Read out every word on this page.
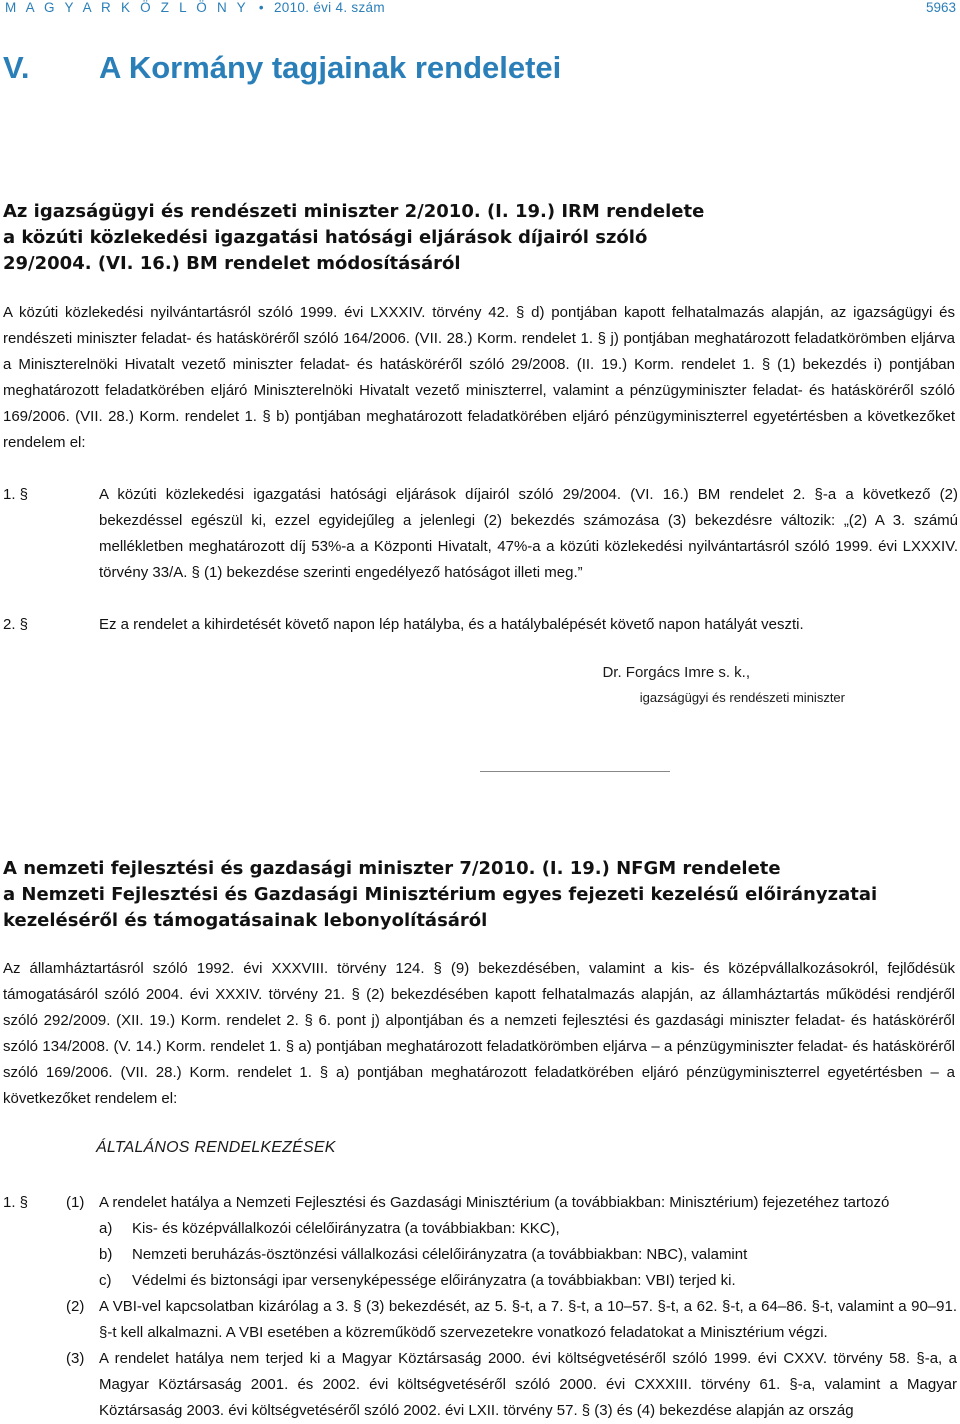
M A G Y A R K Ö Z L Ö N Y • 2010. évi 4. szám	5963
V. A Kormány tagjainak rendeletei
Az igazságügyi és rendészeti miniszter 2/2010. (I. 19.) IRM rendelete
a közúti közlekedési igazgatási hatósági eljárások díjairól szóló
29/2004. (VI. 16.) BM rendelet módosításáról
A közúti közlekedési nyilvántartásról szóló 1999. évi LXXXIV. törvény 42. § d) pontjában kapott felhatalmazás alapján, az igazságügyi és rendészeti miniszter feladat- és hatásköréről szóló 164/2006. (VII. 28.) Korm. rendelet 1. § j) pontjában meghatározott feladatkörömben eljárva a Miniszterelnöki Hivatalt vezető miniszter feladat- és hatásköréről szóló 29/2008. (II. 19.) Korm. rendelet 1. § (1) bekezdés i) pontjában meghatározott feladatkörében eljáró Miniszterelnöki Hivatalt vezető miniszterrel, valamint a pénzügyminiszter feladat- és hatásköréről szóló 169/2006. (VII. 28.) Korm. rendelet 1. § b) pontjában meghatározott feladatkörében eljáró pénzügyminiszterrel egyetértésben a következőket rendelem el:
1. §	A közúti közlekedési igazgatási hatósági eljárások díjairól szóló 29/2004. (VI. 16.) BM rendelet 2. §-a a következő (2) bekezdéssel egészül ki, ezzel egyidejűleg a jelenlegi (2) bekezdés számozása (3) bekezdésre változik: „(2) A 3. számú mellékletben meghatározott díj 53%-a a Központi Hivatalt, 47%-a a közúti közlekedési nyilvántartásról szóló 1999. évi LXXXIV. törvény 33/A. § (1) bekezdése szerinti engedélyező hatóságot illeti meg.”
2. §	Ez a rendelet a kihirdetését követő napon lép hatályba, és a hatálybalépését követő napon hatályát veszti.
Dr. Forgács Imre s. k.,
igazságügyi és rendészeti miniszter
A nemzeti fejlesztési és gazdasági miniszter 7/2010. (I. 19.) NFGM rendelete
a Nemzeti Fejlesztési és Gazdasági Minisztérium egyes fejezeti kezelésű előirányzatai
kezeléséről és támogatásainak lebonyolításáról
Az államháztartásról szóló 1992. évi XXXVIII. törvény 124. § (9) bekezdésében, valamint a kis- és középvállalkozásokról, fejlődésük támogatásáról szóló 2004. évi XXXIV. törvény 21. § (2) bekezdésében kapott felhatalmazás alapján, az államháztartás működési rendjéről szóló 292/2009. (XII. 19.) Korm. rendelet 2. § 6. pont j) alpontjában és a nemzeti fejlesztési és gazdasági miniszter feladat- és hatásköréről szóló 134/2008. (V. 14.) Korm. rendelet 1. § a) pontjában meghatározott feladatkörömben eljárva – a pénzügyminiszter feladat- és hatásköréről szóló 169/2006. (VII. 28.) Korm. rendelet 1. § a) pontjában meghatározott feladatkörében eljáró pénzügyminiszterrel egyetértésben – a következőket rendelem el:
ÁLTALÁNOS RENDELKEZÉSEK
1. §	(1) A rendelet hatálya a Nemzeti Fejlesztési és Gazdasági Minisztérium (a továbbiakban: Minisztérium) fejezetéhez tartozó
a) Kis- és középvállalkozói célelőirányzatra (a továbbiakban: KKC),
b) Nemzeti beruházás-ösztönzési vállalkozási célelőirányzatra (a továbbiakban: NBC), valamint
c) Védelmi és biztonsági ipar versenyképessége előirányzatra (a továbbiakban: VBI) terjed ki.
(2) A VBI-vel kapcsolatban kizárólag a 3. § (3) bekezdését, az 5. §-t, a 7. §-t, a 10–57. §-t, a 62. §-t, a 64–86. §-t, valamint a 90–91. §-t kell alkalmazni. A VBI esetében a közreműködő szervezetekre vonatkozó feladatokat a Minisztérium végzi.
(3) A rendelet hatálya nem terjed ki a Magyar Köztársaság 2000. évi költségvetéséről szóló 1999. évi CXXV. törvény 58. §-a, a Magyar Köztársaság 2001. és 2002. évi költségvetéséről szóló 2000. évi CXXXIII. törvény 61. §-a, valamint a Magyar Köztársaság 2003. évi költségvetéséről szóló 2002. évi LXII. törvény 57. § (3) és (4) bekezdése alapján az ország
